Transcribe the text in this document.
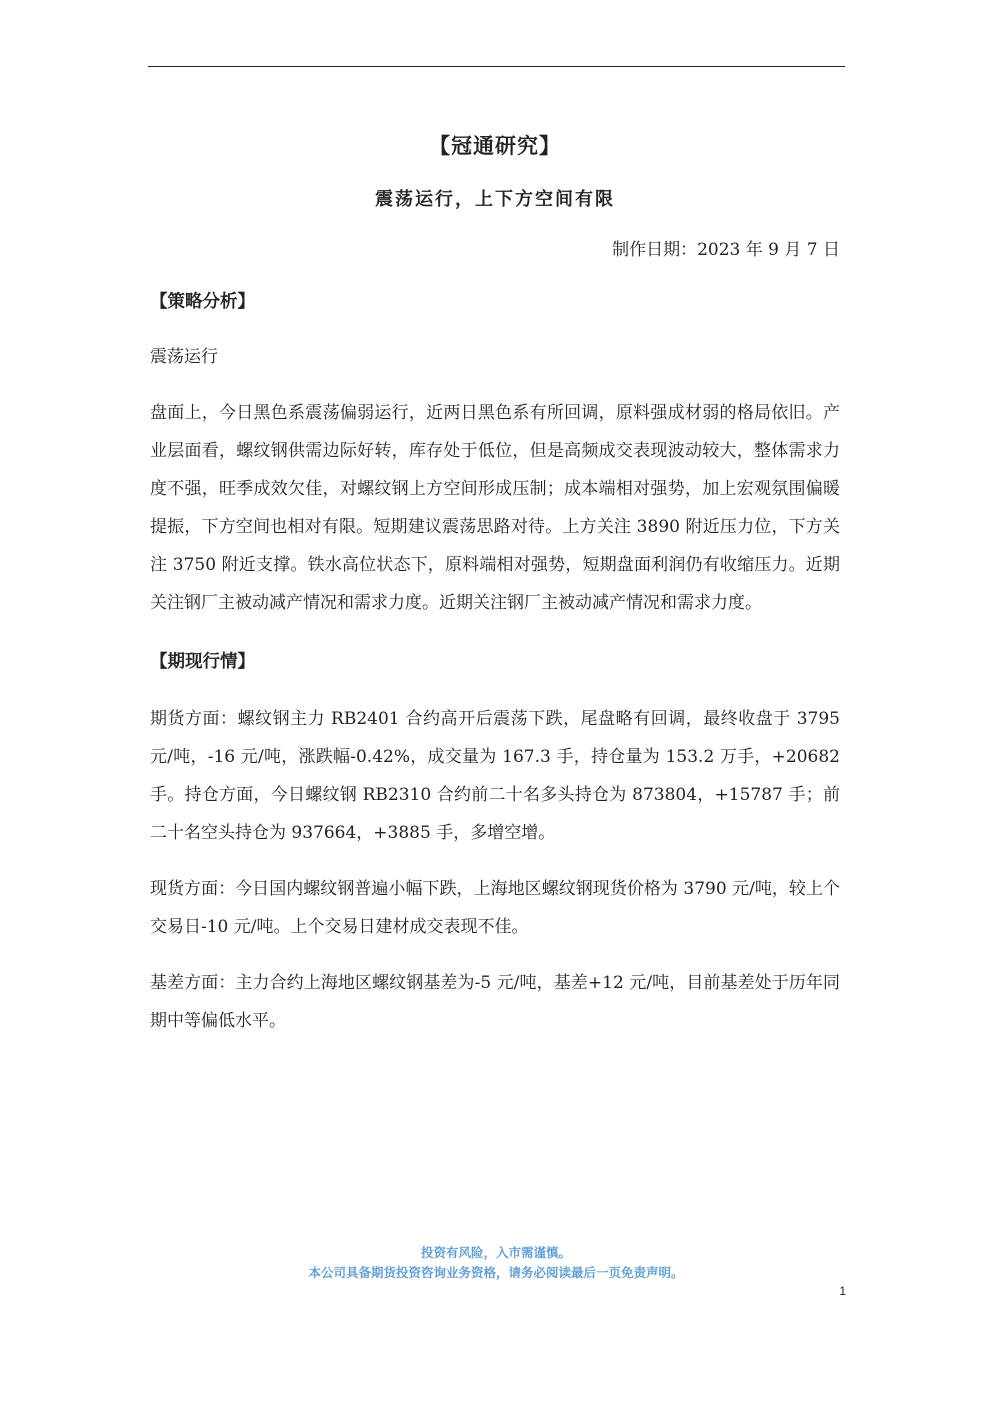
【冠通研究】
震荡运行，上下方空间有限
制作日期：2023 年 9 月 7 日
【策略分析】

震荡运行

盘面上，今日黑色系震荡偏弱运行，近两日黑色系有所回调，原料强成材弱的格局依旧。产业层面看，螺纹钢供需边际好转，库存处于低位，但是高频成交表现波动较大，整体需求力度不强，旺季成效欠佳，对螺纹钢上方空间形成压制；成本端相对强势，加上宏观氛围偏暖提振，下方空间也相对有限。短期建议震荡思路对待。上方关注 3890 附近压力位，下方关注 3750 附近支撑。铁水高位状态下，原料端相对强势，短期盘面利润仍有收缩压力。近期关注钢厂主被动减产情况和需求力度。近期关注钢厂主被动减产情况和需求力度。

【期现行情】

期货方面：螺纹钢主力 RB2401 合约高开后震荡下跌，尾盘略有回调，最终收盘于 3795 元/吨，-16 元/吨，涨跌幅-0.42%，成交量为 167.3 手，持仓量为 153.2 万手，+20682 手。持仓方面，今日螺纹钢 RB2310 合约前二十名多头持仓为 873804，+15787 手；前二十名空头持仓为 937664，+3885 手，多增空增。

现货方面：今日国内螺纹钢普遍小幅下跌，上海地区螺纹钢现货价格为 3790 元/吨，较上个交易日-10 元/吨。上个交易日建材成交表现不佳。

基差方面：主力合约上海地区螺纹钢基差为-5 元/吨，基差+12 元/吨，目前基差处于历年同期中等偏低水平。

投资有风险，入市需谨慎。
本公司具备期货投资咨询业务资格，请务必阅读最后一页免责声明。
1
